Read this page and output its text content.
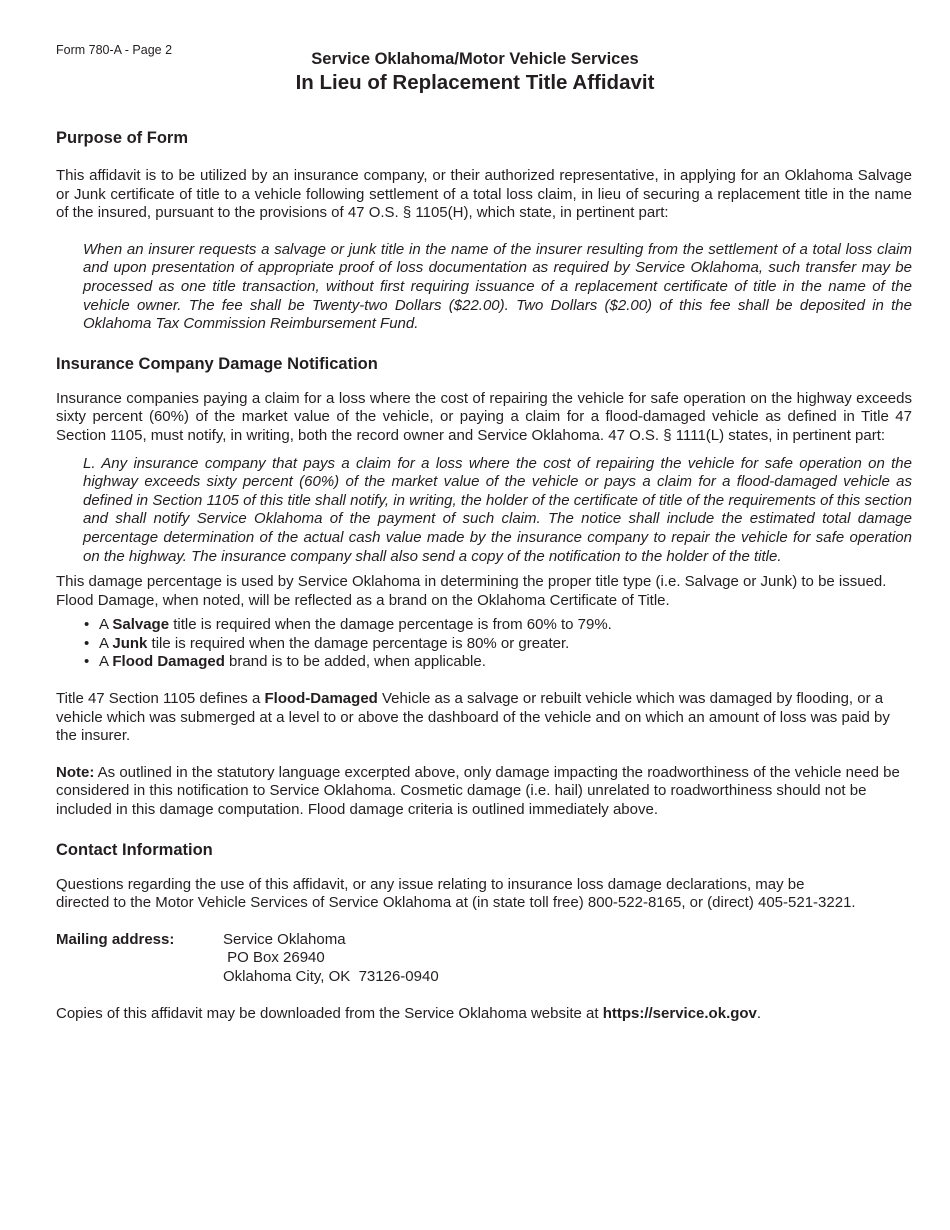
Form 780-A - Page 2	Service Oklahoma/Motor Vehicle Services
In Lieu of Replacement Title Affidavit
Purpose of Form

This affidavit is to be utilized by an insurance company, or their authorized representative, in applying for an Oklahoma Salvage or Junk certificate of title to a vehicle following settlement of a total loss claim, in lieu of securing a replacement title in the name of the insured, pursuant to the provisions of 47 O.S. § 1105(H), which state, in pertinent part:

When an insurer requests a salvage or junk title in the name of the insurer resulting from the settlement of a total loss claim and upon presentation of appropriate proof of loss documentation as required by Service Oklahoma, such transfer may be processed as one title transaction, without first requiring issuance of a replacement certificate of title in the name of the vehicle owner. The fee shall be Twenty-two Dollars ($22.00). Two Dollars ($2.00) of this fee shall be deposited in the Oklahoma Tax Commission Reimbursement Fund.

Insurance Company Damage Notification

Insurance companies paying a claim for a loss where the cost of repairing the vehicle for safe operation on the highway exceeds sixty percent (60%) of the market value of the vehicle, or paying a claim for a flood-damaged vehicle as defined in Title 47 Section 1105, must notify, in writing, both the record owner and Service Oklahoma. 47 O.S. § 1111(L) states, in pertinent part:

L. Any insurance company that pays a claim for a loss where the cost of repairing the vehicle for safe operation on the highway exceeds sixty percent (60%) of the market value of the vehicle or pays a claim for a flood-damaged vehicle as defined in Section 1105 of this title shall notify, in writing, the holder of the certificate of title of the requirements of this section and shall notify Service Oklahoma of the payment of such claim. The notice shall include the estimated total damage percentage determination of the actual cash value made by the insurance company to repair the vehicle for safe operation on the highway. The insurance company shall also send a copy of the notification to the holder of the title.

This damage percentage is used by Service Oklahoma in determining the proper title type (i.e. Salvage or Junk) to be issued. Flood Damage, when noted, will be reflected as a brand on the Oklahoma Certificate of Title.

• A Salvage title is required when the damage percentage is from 60% to 79%.
• A Junk tile is required when the damage percentage is 80% or greater.
• A Flood Damaged brand is to be added, when applicable.

Title 47 Section 1105 defines a Flood-Damaged Vehicle as a salvage or rebuilt vehicle which was damaged by flooding, or a vehicle which was submerged at a level to or above the dashboard of the vehicle and on which an amount of loss was paid by the insurer.

Note: As outlined in the statutory language excerpted above, only damage impacting the roadworthiness of the vehicle need be considered in this notification to Service Oklahoma. Cosmetic damage (i.e. hail) unrelated to roadworthiness should not be included in this damage computation. Flood damage criteria is outlined immediately above.

Contact Information
Questions regarding the use of this affidavit, or any issue relating to insurance loss damage declarations, may be
directed to the Motor Vehicle Services of Service Oklahoma at (in state toll free) 800-522-8165, or (direct) 405-521-3221.
Mailing address:	Service Oklahoma
PO Box 26940
Oklahoma City, OK  73126-0940

Copies of this affidavit may be downloaded from the Service Oklahoma website at https://service.ok.gov.
